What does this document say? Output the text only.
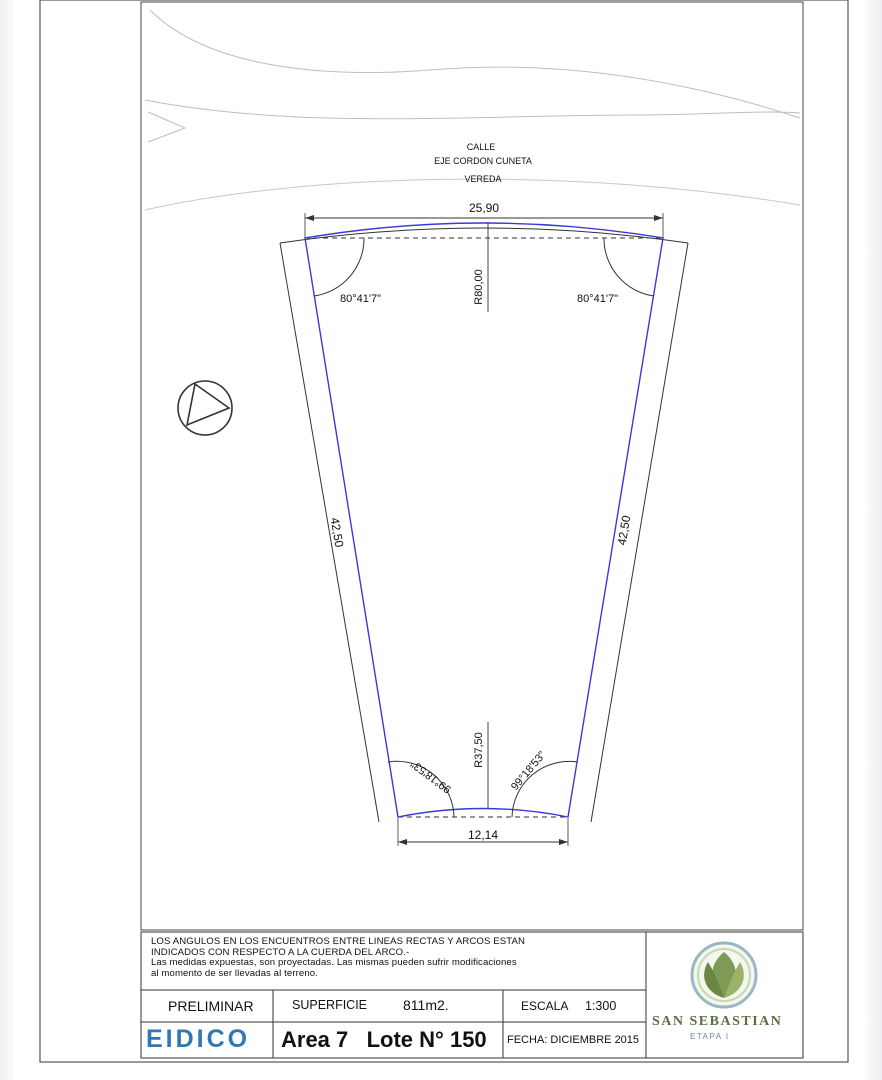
CALLE
EJE CORDON CUNETA
VEREDA
25,90
R80,00
80°41'7"	80°41'7"
42,50	42,50
99°18'53"	99°18'53"
R37,50
12,14
LOS ANGULOS EN LOS ENCUENTROS ENTRE LINEAS RECTAS Y ARCOS ESTAN
INDICADOS CON RESPECTO A LA CUERDA DEL ARCO.-
Las medidas expuestas, son proyectadas. Las mismas pueden sufrir modificaciones
al momento de ser llevadas al terreno.
PRELIMINAR	SUPERFICIE	811m2.	ESCALA 1:300
EIDICO Area 7   Lote N° 150 FECHA: DICIEMBRE 2015
SAN SEBASTIAN
ETAPA I
